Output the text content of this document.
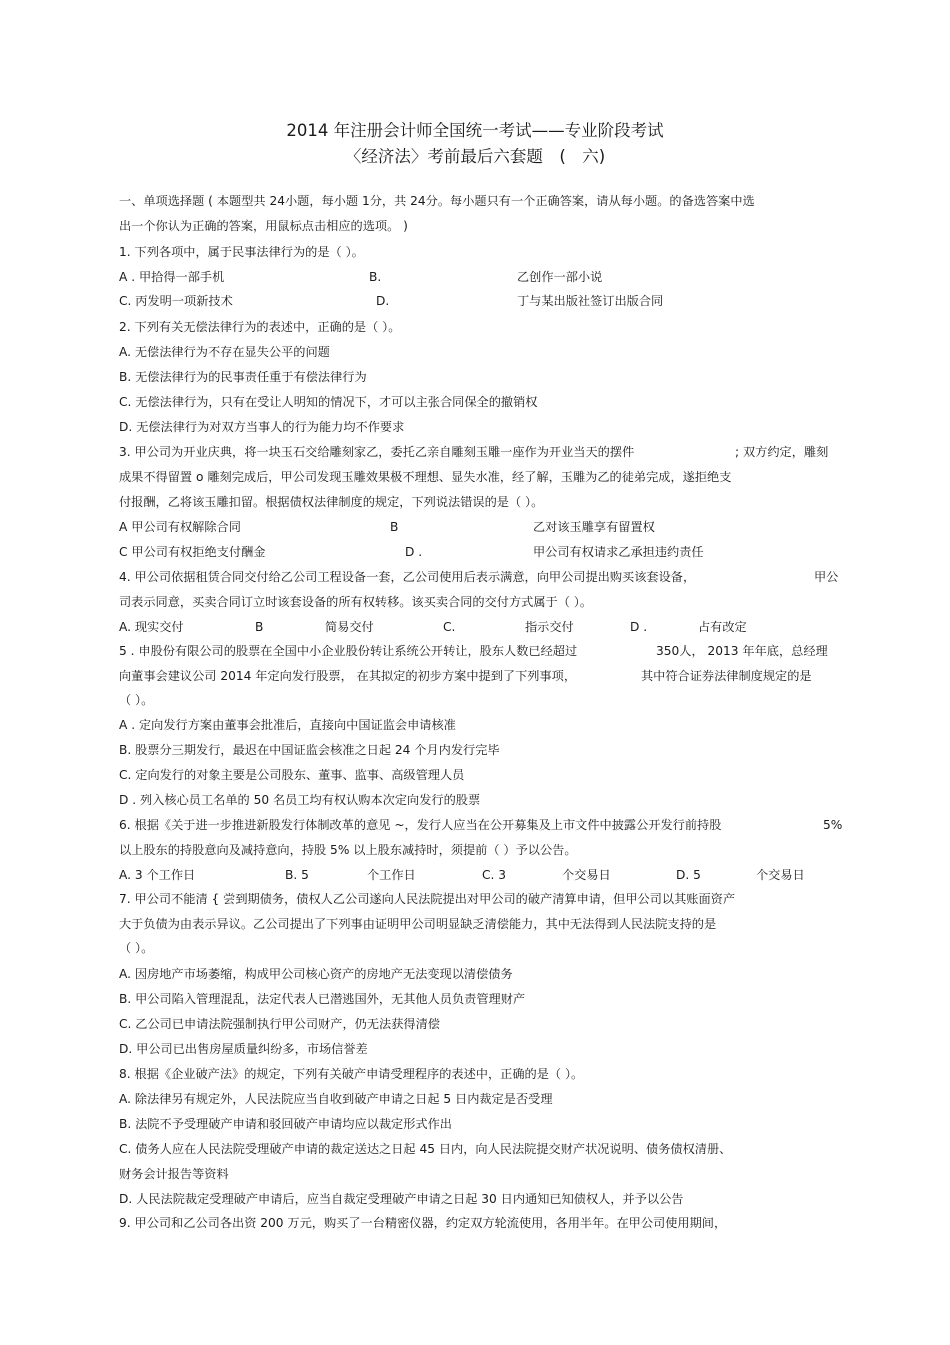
2014 年注册会计师全国统一考试——专业阶段考试
〈经济法〉考前最后六套题　(　六)
一、单项选择题 ( 本题型共 24小题，每小题 1分，共 24分。每小题只有一个正确答案，请从每小题。的备选答案中选
出一个你认为正确的答案，用鼠标点击相应的选项。 )
1. 下列各项中，属于民事法律行为的是（ ）。
A . 甲拾得一部手机	B.	乙创作一部小说
C. 丙发明一项新技术	D.	丁与某出版社签订出版合同
2. 下列有关无偿法律行为的表述中，正确的是（ ）。
A. 无偿法律行为不存在显失公平的问题
B. 无偿法律行为的民事责任重于有偿法律行为
C. 无偿法律行为，只有在受让人明知的情况下，才可以主张合同保全的撤销权
D. 无偿法律行为对双方当事人的行为能力均不作要求
3. 甲公司为开业庆典，将一块玉石交给雕刻家乙，委托乙亲自雕刻玉雕一座作为开业当天的摆件	; 双方约定，雕刻
成果不得留置 o 雕刻完成后，甲公司发现玉雕效果极不理想、显失水准，经了解，玉雕为乙的徒弟完成，遂拒绝支
付报酬，乙将该玉雕扣留。根据债权法律制度的规定，下列说法错误的是（ ）。
A 甲公司有权解除合同	B	乙对该玉雕享有留置权
C 甲公司有权拒绝支付酬金	D .	甲公司有权请求乙承担违约责任
4. 甲公司依据租赁合同交付给乙公司工程设备一套，乙公司使用后表示满意，向甲公司提出购买该套设备，	甲公
司表示同意，买卖合同订立时该套设备的所有权转移。该买卖合同的交付方式属于（ ）。
A. 现实交付	B	简易交付	C.	指示交付	D .	占有改定
5 . 申股份有限公司的股票在全国中小企业股份转让系统公开转让，股东人数已经超过	350人， 2013 年年底，总经理
向董事会建议公司 2014 年定向发行股票， 在其拟定的初步方案中提到了下列事项，	其中符合证券法律制度规定的是
（ ）。
A . 定向发行方案由董事会批准后，直接向中国证监会申请核准
B. 股票分三期发行，最迟在中国证监会核准之日起 24 个月内发行完毕
C. 定向发行的对象主要是公司股东、董事、监事、高级管理人员
D . 列入核心员工名单的 50 名员工均有权认购本次定向发行的股票
6. 根据《关于进一步推进新股发行体制改革的意见 ~，发行人应当在公开募集及上市文件中披露公开发行前持股	5%
以上股东的持股意向及减持意向，持股 5% 以上股东减持时，须提前（ ）予以公告。
A. 3 个工作日	B. 5	个工作日	C. 3	个交易日	D. 5	个交易日
7. 甲公司不能清 { 尝到期债务，债权人乙公司遂向人民法院提出对甲公司的破产清算申请，但甲公司以其账面资产
大于负债为由表示异议。乙公司提出了下列事由证明甲公司明显缺乏清偿能力，其中无法得到人民法院支持的是
（ ）。
A. 因房地产市场萎缩，构成甲公司核心资产的房地产无法变现以清偿债务
B. 甲公司陷入管理混乱，法定代表人已潜逃国外，无其他人员负责管理财产
C. 乙公司已申请法院强制执行甲公司财产，仍无法获得清偿
D. 甲公司已出售房屋质量纠纷多，市场信誉差
8. 根据《企业破产法》的规定，下列有关破产申请受理程序的表述中，正确的是（ ）。
A. 除法律另有规定外，人民法院应当自收到破产申请之日起 5 日内裁定是否受理
B. 法院不予受理破产申请和驳回破产申请均应以裁定形式作出
C. 债务人应在人民法院受理破产申请的裁定送达之日起 45 日内，向人民法院提交财产状况说明、债务债权清册、
财务会计报告等资料
D. 人民法院裁定受理破产申请后，应当自裁定受理破产申请之日起 30 日内通知已知债权人，并予以公告
9. 甲公司和乙公司各出资 200 万元，购买了一台精密仪器，约定双方轮流使用，各用半年。在甲公司使用期间，
